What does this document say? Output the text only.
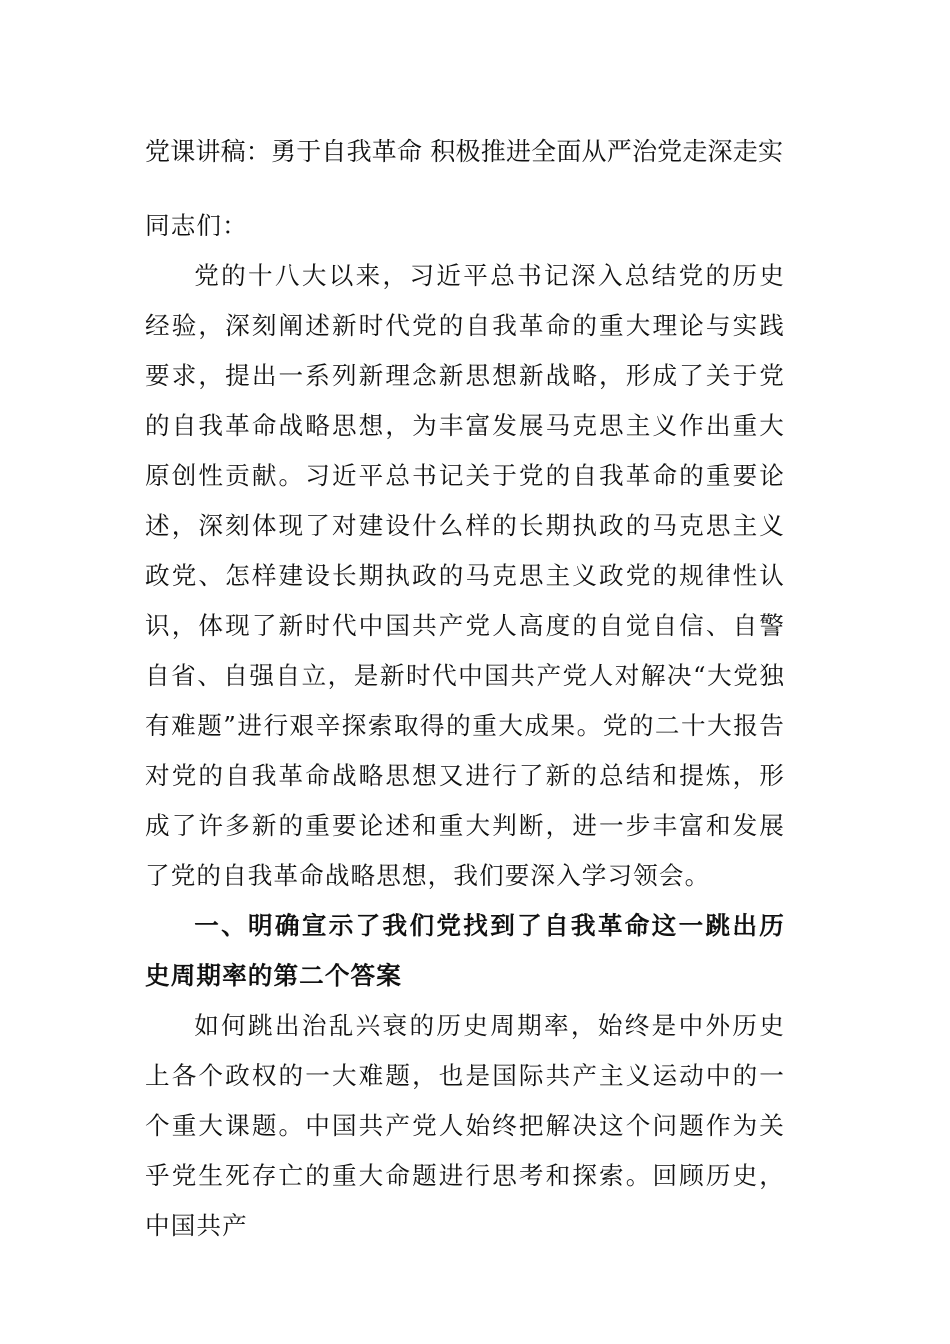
党课讲稿：勇于自我革命 积极推进全面从严治党走深走实

同志们：

党的十八大以来，习近平总书记深入总结党的历史经验，深刻阐述新时代党的自我革命的重大理论与实践要求，提出一系列新理念新思想新战略，形成了关于党的自我革命战略思想，为丰富发展马克思主义作出重大原创性贡献。习近平总书记关于党的自我革命的重要论述，深刻体现了对建设什么样的长期执政的马克思主义政党、怎样建设长期执政的马克思主义政党的规律性认识，体现了新时代中国共产党人高度的自觉自信、自警自省、自强自立，是新时代中国共产党人对解决“大党独有难题”进行艰辛探索取得的重大成果。党的二十大报告对党的自我革命战略思想又进行了新的总结和提炼，形成了许多新的重要论述和重大判断，进一步丰富和发展了党的自我革命战略思想，我们要深入学习领会。

一、明确宣示了我们党找到了自我革命这一跳出历史周期率的第二个答案

如何跳出治乱兴衰的历史周期率，始终是中外历史上各个政权的一大难题，也是国际共产主义运动中的一个重大课题。中国共产党人始终把解决这个问题作为关乎党生死存亡的重大命题进行思考和探索。回顾历史，中国共产
